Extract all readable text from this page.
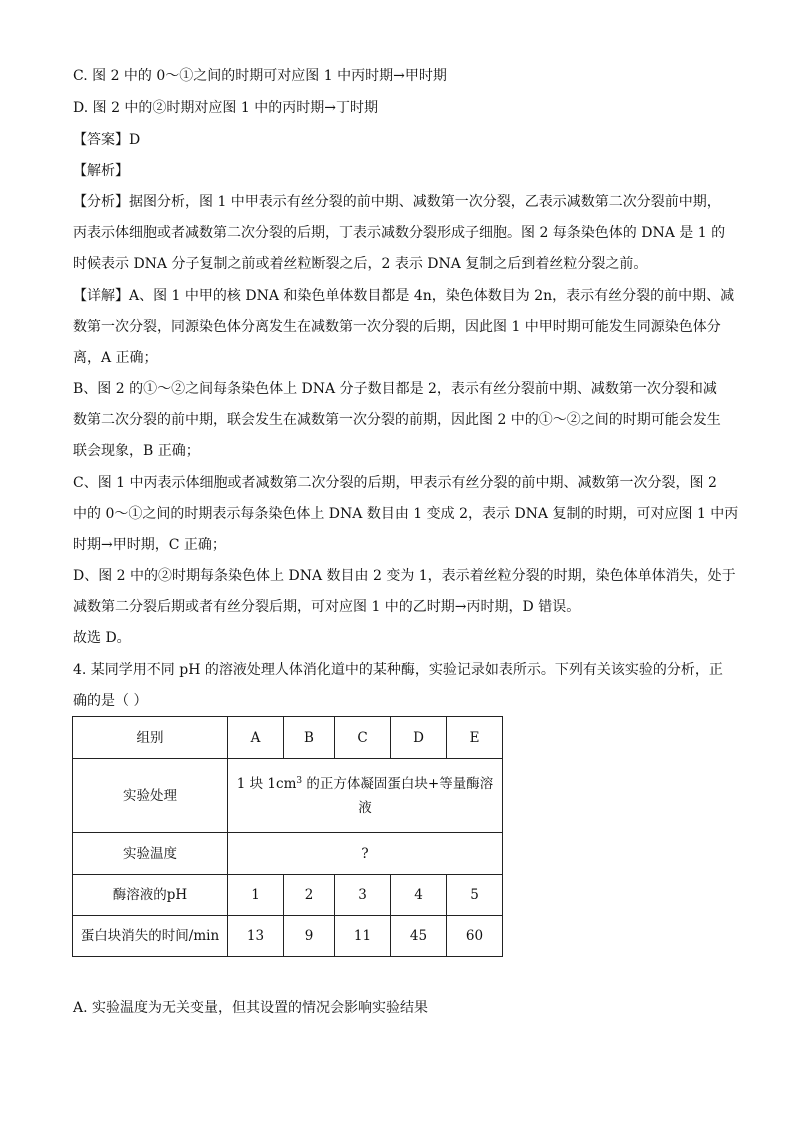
C. 图 2 中的 0～①之间的时期可对应图 1 中丙时期→甲时期
D. 图 2 中的②时期对应图 1 中的丙时期→丁时期
【答案】D
【解析】
【分析】据图分析，图 1 中甲表示有丝分裂的前中期、减数第一次分裂，乙表示减数第二次分裂前中期，
丙表示体细胞或者减数第二次分裂的后期，丁表示减数分裂形成子细胞。图 2 每条染色体的 DNA 是 1 的
时候表示 DNA 分子复制之前或着丝粒断裂之后，2 表示 DNA 复制之后到着丝粒分裂之前。
【详解】A、图 1 中甲的核 DNA 和染色单体数目都是 4n，染色体数目为 2n，表示有丝分裂的前中期、减
数第一次分裂，同源染色体分离发生在减数第一次分裂的后期，因此图 1 中甲时期可能发生同源染色体分
离，A 正确；
B、图 2 的①～②之间每条染色体上 DNA 分子数目都是 2，表示有丝分裂前中期、减数第一次分裂和减
数第二次分裂的前中期，联会发生在减数第一次分裂的前期，因此图 2 中的①～②之间的时期可能会发生
联会现象，B 正确；
C、图 1 中丙表示体细胞或者减数第二次分裂的后期，甲表示有丝分裂的前中期、减数第一次分裂，图 2
中的 0～①之间的时期表示每条染色体上 DNA 数目由 1 变成 2，表示 DNA 复制的时期，可对应图 1 中丙
时期→甲时期，C 正确；
D、图 2 中的②时期每条染色体上 DNA 数目由 2 变为 1，表示着丝粒分裂的时期，染色体单体消失，处于
减数第二分裂后期或者有丝分裂后期，可对应图 1 中的乙时期→丙时期，D 错误。
故选 D。
4. 某同学用不同 pH 的溶液处理人体消化道中的某种酶，实验记录如表所示。下列有关该实验的分析，正
确的是（ ）
组别	A	B	C	D	E
实验处理	1 块 $1cm^3$ 的正方体凝固蛋白块+等量酶溶
液				

实验温度	?				
酶溶液的pH	1	2	3	4	5
蛋白块消失的时间/min	13	9	11	45	60
A. 实验温度为无关变量，但其设置的情况会影响实验结果
